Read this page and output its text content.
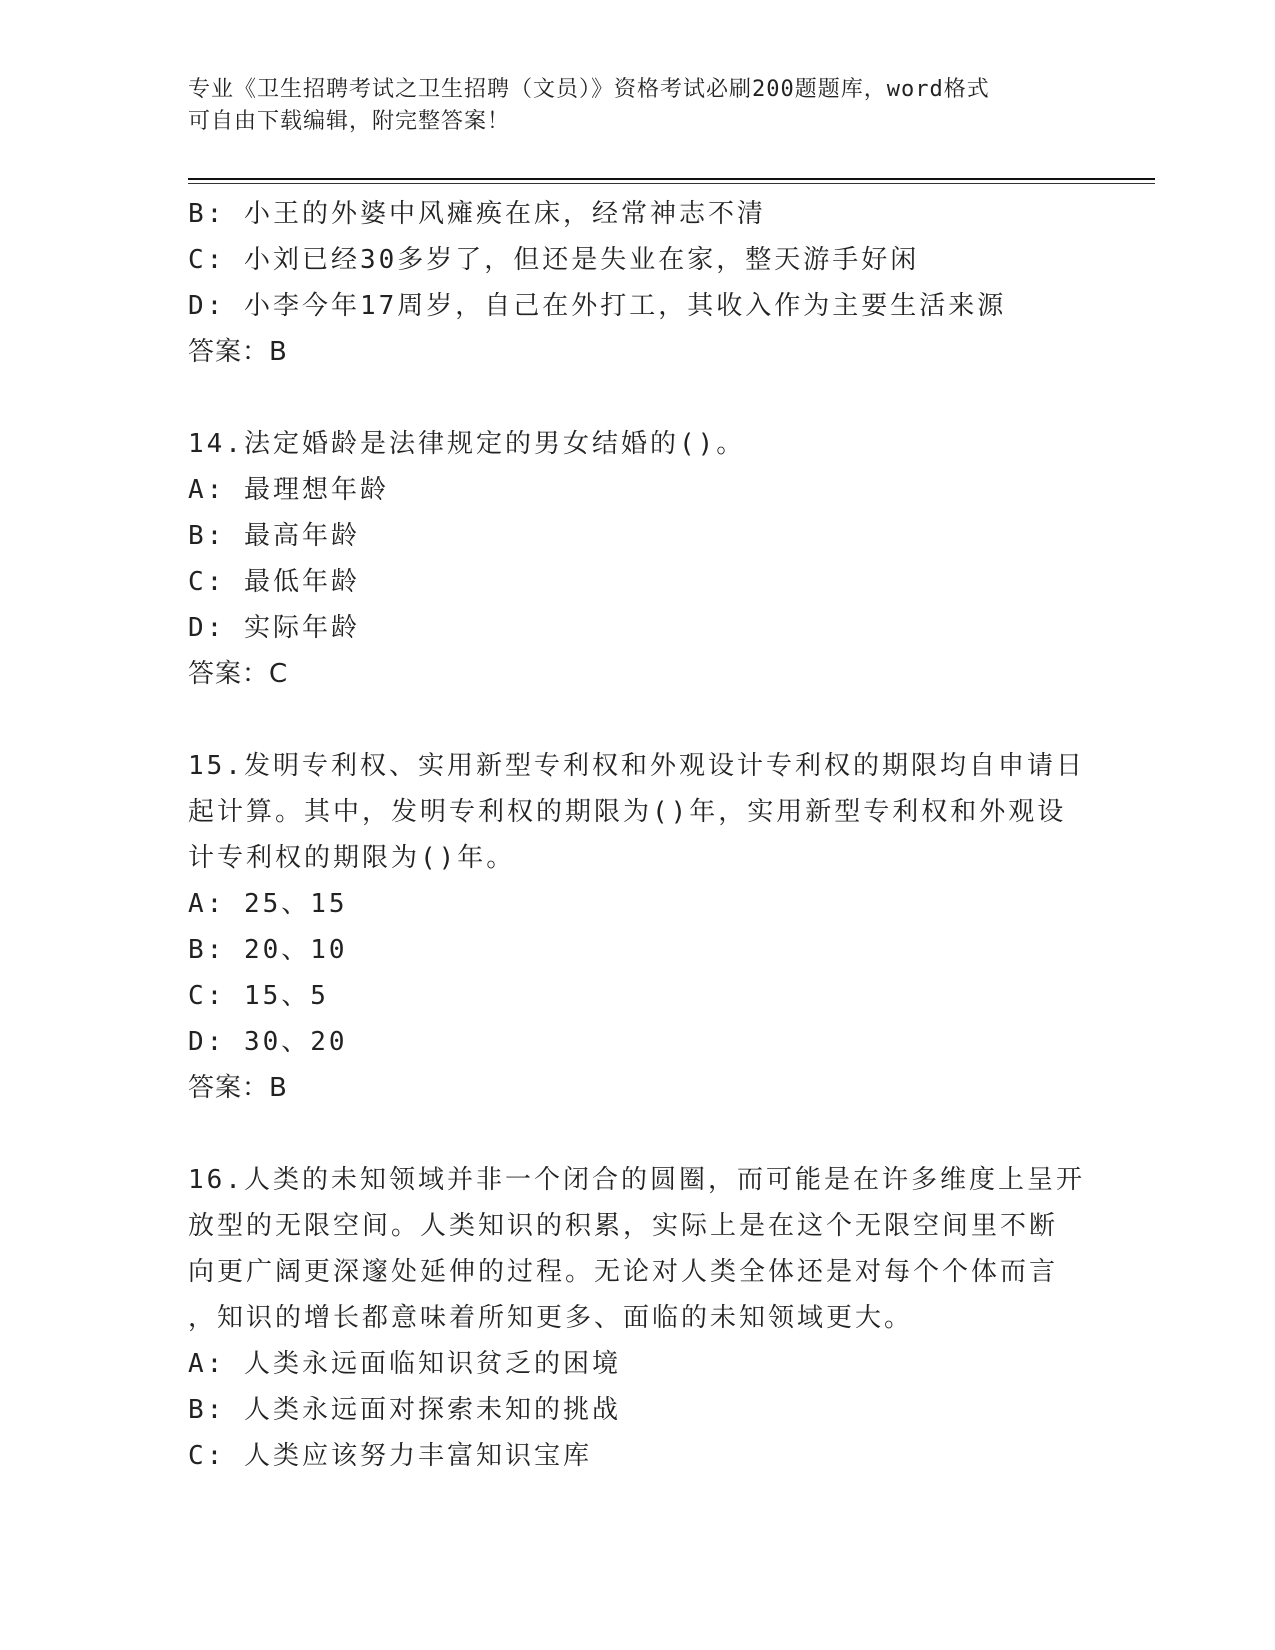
专业《卫生招聘考试之卫生招聘（文员）》资格考试必刷200题题库，word格式
可自由下载编辑，附完整答案！
B: 小王的外婆中风瘫痪在床，经常神志不清
C: 小刘已经30多岁了，但还是失业在家，整天游手好闲
D: 小李今年17周岁，自己在外打工，其收入作为主要生活来源
答案：B
14.法定婚龄是法律规定的男女结婚的()。
A: 最理想年龄
B: 最高年龄
C: 最低年龄
D: 实际年龄
答案：C
15.发明专利权、实用新型专利权和外观设计专利权的期限均自申请日
起计算。其中，发明专利权的期限为()年，实用新型专利权和外观设
计专利权的期限为()年。
A: 25、15
B: 20、10
C: 15、5
D: 30、20
答案：B
16.人类的未知领域并非一个闭合的圆圈，而可能是在许多维度上呈开
放型的无限空间。人类知识的积累，实际上是在这个无限空间里不断
向更广阔更深邃处延伸的过程。无论对人类全体还是对每个个体而言
，知识的增长都意味着所知更多、面临的未知领域更大。
A: 人类永远面临知识贫乏的困境
B: 人类永远面对探索未知的挑战
C: 人类应该努力丰富知识宝库
